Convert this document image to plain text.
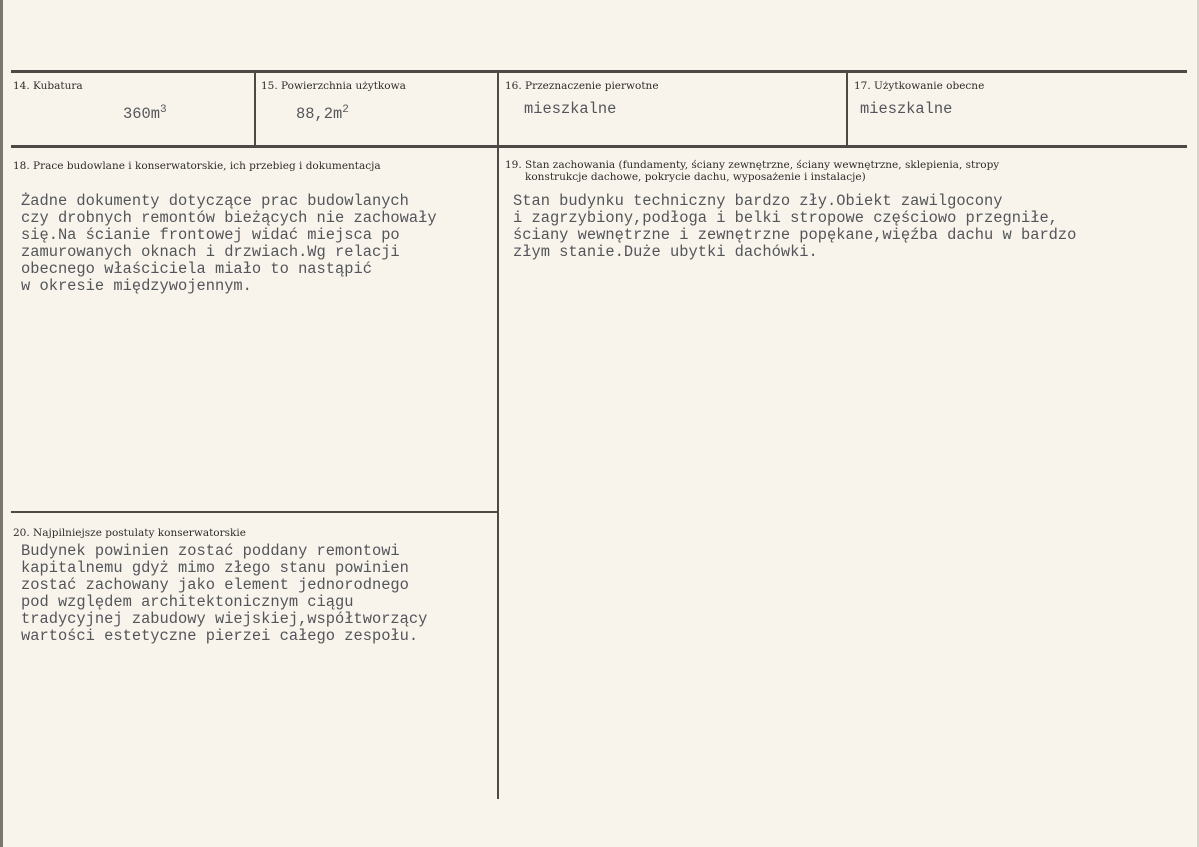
14. Kubatura
$360m^3$
15. Powierzchnia użytkowa
$88,2m^2$
16. Przeznaczenie pierwotne
mieszkalne
17. Użytkowanie obecne
mieszkalne
18. Prace budowlane i konserwatorskie, ich przebieg i dokumentacja
Żadne dokumenty dotyczące prac budowlanych
czy drobnych remontów bieżących nie zachowały
się.Na ścianie frontowej widać miejsca po
zamurowanych oknach i drzwiach.Wg relacji
obecnego właściciela miało to nastąpić
w okresie międzywojennym.
19. Stan zachowania (fundamenty, ściany zewnętrzne, ściany wewnętrzne, sklepienia, stropy
konstrukcje dachowe, pokrycie dachu, wyposażenie i instalacje)
Stan budynku techniczny bardzo zły.Obiekt zawilgocony
i zagrzybiony,podłoga i belki stropowe częściowo przegniłe,
ściany wewnętrzne i zewnętrzne popękane,więźba dachu w bardzo
złym stanie.Duże ubytki dachówki.
20. Najpilniejsze postulaty konserwatorskie
Budynek powinien zostać poddany remontowi
kapitalnemu gdyż mimo złego stanu powinien
zostać zachowany jako element jednorodnego
pod względem architektonicznym ciągu
tradycyjnej zabudowy wiejskiej,współtworzący
wartości estetyczne pierzei całego zespołu.
